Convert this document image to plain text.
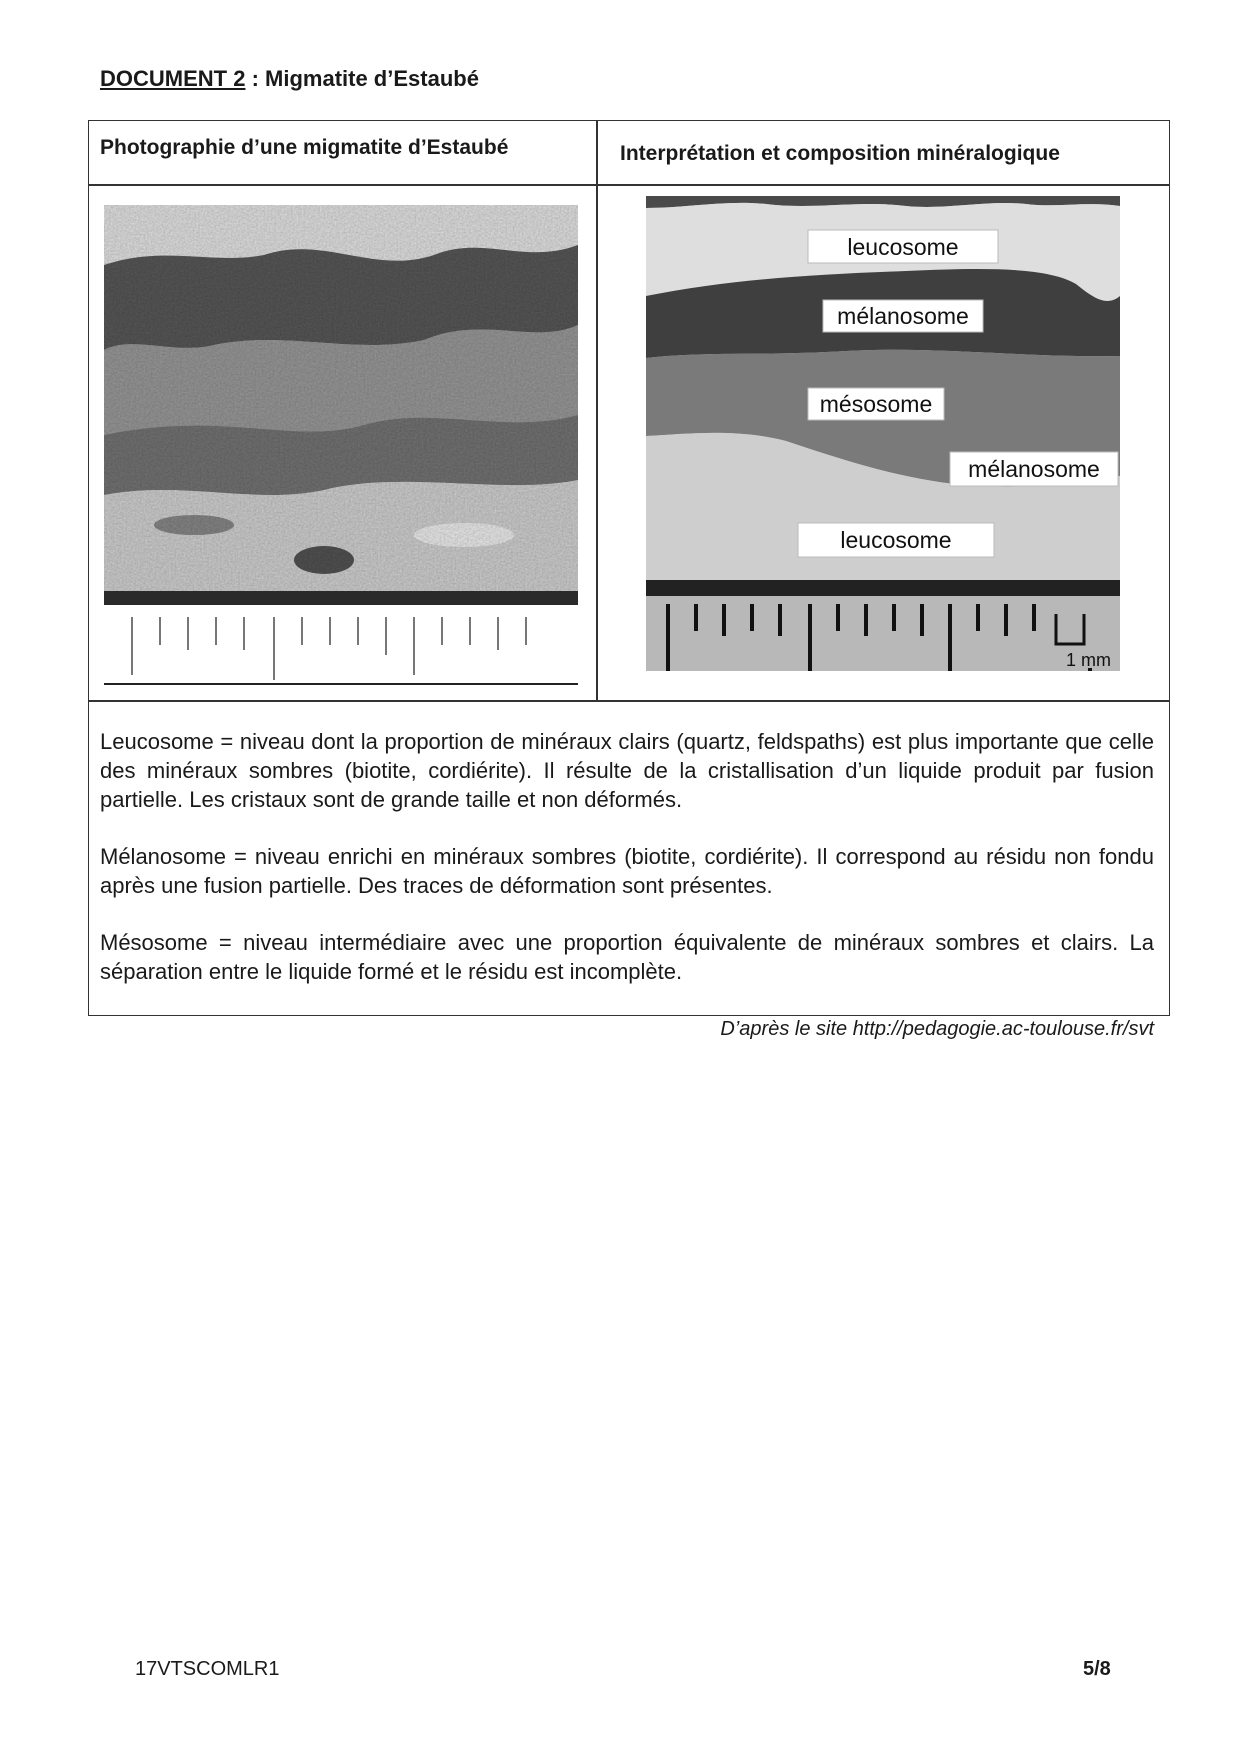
DOCUMENT 2 : Migmatite d’Estaubé
Photographie d’une migmatite d’Estaubé	Interprétation et composition minéralogique
1 mm
leucosome
mélanosome
mésosome
mélanosome
leucosome

Leucosome = niveau dont la proportion de minéraux clairs (quartz, feldspaths) est plus importante que celle des minéraux sombres (biotite, cordiérite). Il résulte de la cristallisation d’un liquide produit par fusion partielle. Les cristaux sont de grande taille et non déformés.

Mélanosome = niveau enrichi en minéraux sombres (biotite, cordiérite). Il correspond au résidu non fondu après une fusion partielle. Des traces de déformation sont présentes.

Mésosome = niveau intermédiaire avec une proportion équivalente de minéraux sombres et clairs. La séparation entre le liquide formé et le résidu est incomplète.

D’après le site http://pedagogie.ac-toulouse.fr/svt
17VTSCOMLR1	5/8
